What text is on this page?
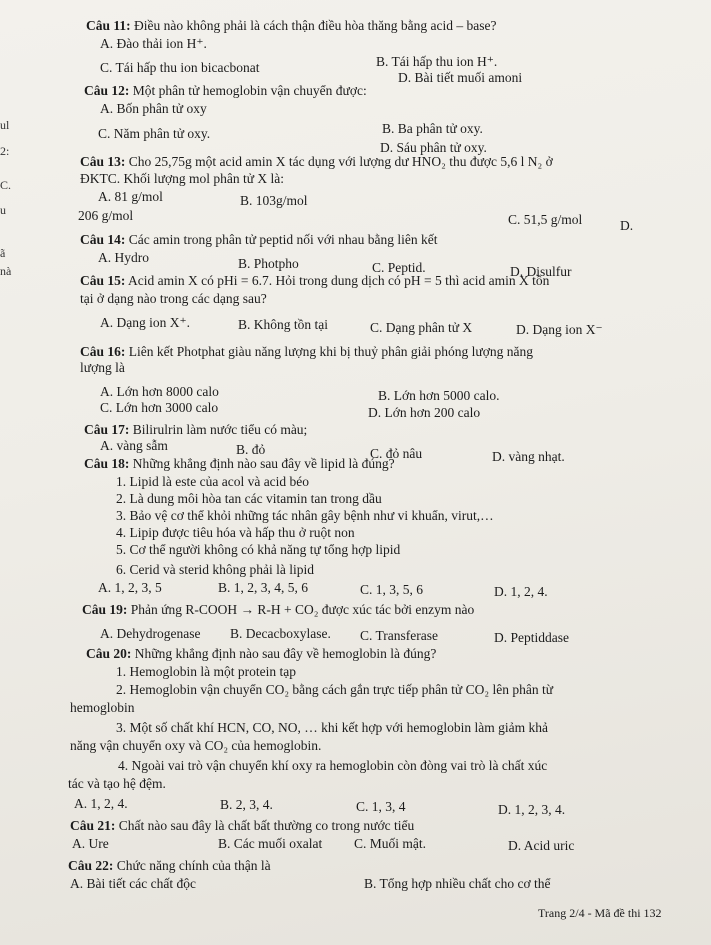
ul
2:
C.
u
ã
nà
Câu 11: Điều nào không phải là cách thận điều hòa thăng bằng acid – base?
A. Đào thải ion H⁺.
B. Tái hấp thu ion H⁺.
C. Tái hấp thu ion bicacbonat
D. Bài tiết muối amoni
Câu 12: Một phân tử hemoglobin vận chuyển được:
A. Bốn phân tử oxy
B. Ba phân tử oxy.
C. Năm phân tử oxy.
D. Sáu phân tử oxy.
Câu 13: Cho 25,75g một acid amin X tác dụng với lượng dư HNO₂ thu được 5,6 l N₂ ở
ĐKTC. Khối lượng mol phân tử X là:
A. 81 g/mol	B. 103g/mol
206 g/mol	C. 51,5 g/mol	D.
Câu 14: Các amin trong phân tử peptid nối với nhau bằng liên kết
A. Hydro	B. Photpho	C. Peptid.	D. Disulfur
Câu 15: Acid amin X có pHi = 6.7. Hỏi trong dung dịch có pH = 5 thì acid amin X tồn
tại ở dạng nào trong các dạng sau?
A. Dạng ion X⁺.	B. Không tồn tại	C. Dạng phân tử X	D. Dạng ion X⁻
Câu 16: Liên kết Photphat giàu năng lượng khi bị thuỷ phân giải phóng lượng năng
lượng là
A. Lớn hơn 8000 calo	B. Lớn hơn 5000 calo.
C. Lớn hơn 3000 calo	D. Lớn hơn 200 calo
Câu 17: Bilirulrin làm nước tiểu có màu;
A. vàng sẫm	B. đỏ	C. đỏ nâu	D. vàng nhạt.
Câu 18: Những khẳng định nào sau đây về lipid là đúng?
1. Lipid là este của acol và acid béo
2. Là dung môi hòa tan các vitamin tan trong dầu
3. Bảo vệ cơ thể khỏi những tác nhân gây bệnh như vi khuẩn, virut,…
4. Lipip được tiêu hóa và hấp thu ở ruột non
5. Cơ thể người không có khả năng tự tổng hợp lipid
6. Cerid và sterid không phải là lipid
A. 1, 2, 3, 5	B. 1, 2, 3, 4, 5, 6	C. 1, 3, 5, 6	D. 1, 2, 4.
Câu 19: Phản ứng R-COOH → R-H + CO₂ được xúc tác bởi enzym nào
A. Dehydrogenase B. Decacboxylase. C. Transferase	D. Peptiddase
Câu 20: Những khẳng định nào sau đây về hemoglobin là đúng?
1. Hemoglobin là một protein tạp
2. Hemoglobin vận chuyển CO₂ bằng cách gắn trực tiếp phân tử CO₂ lên phân từ
hemoglobin
3. Một số chất khí HCN, CO, NO, … khi kết hợp với hemoglobin làm giảm khả
năng vận chuyển oxy và CO₂ của hemoglobin.
4. Ngoài vai trò vận chuyển khí oxy ra hemoglobin còn đòng vai trò là chất xúc
tác và tạo hệ đệm.
A. 1, 2, 4.	B. 2, 3, 4.	C. 1, 3, 4	D. 1, 2, 3, 4.
Câu 21: Chất nào sau đây là chất bất thường co trong nước tiểu
A. Ure	B. Các muối oxalat C. Muối mật.	D. Acid uric
Câu 22: Chức năng chính của thận là
A. Bài tiết các chất độc	B. Tổng hợp nhiều chất cho cơ thể
Trang 2/4 - Mã đề thi 132
